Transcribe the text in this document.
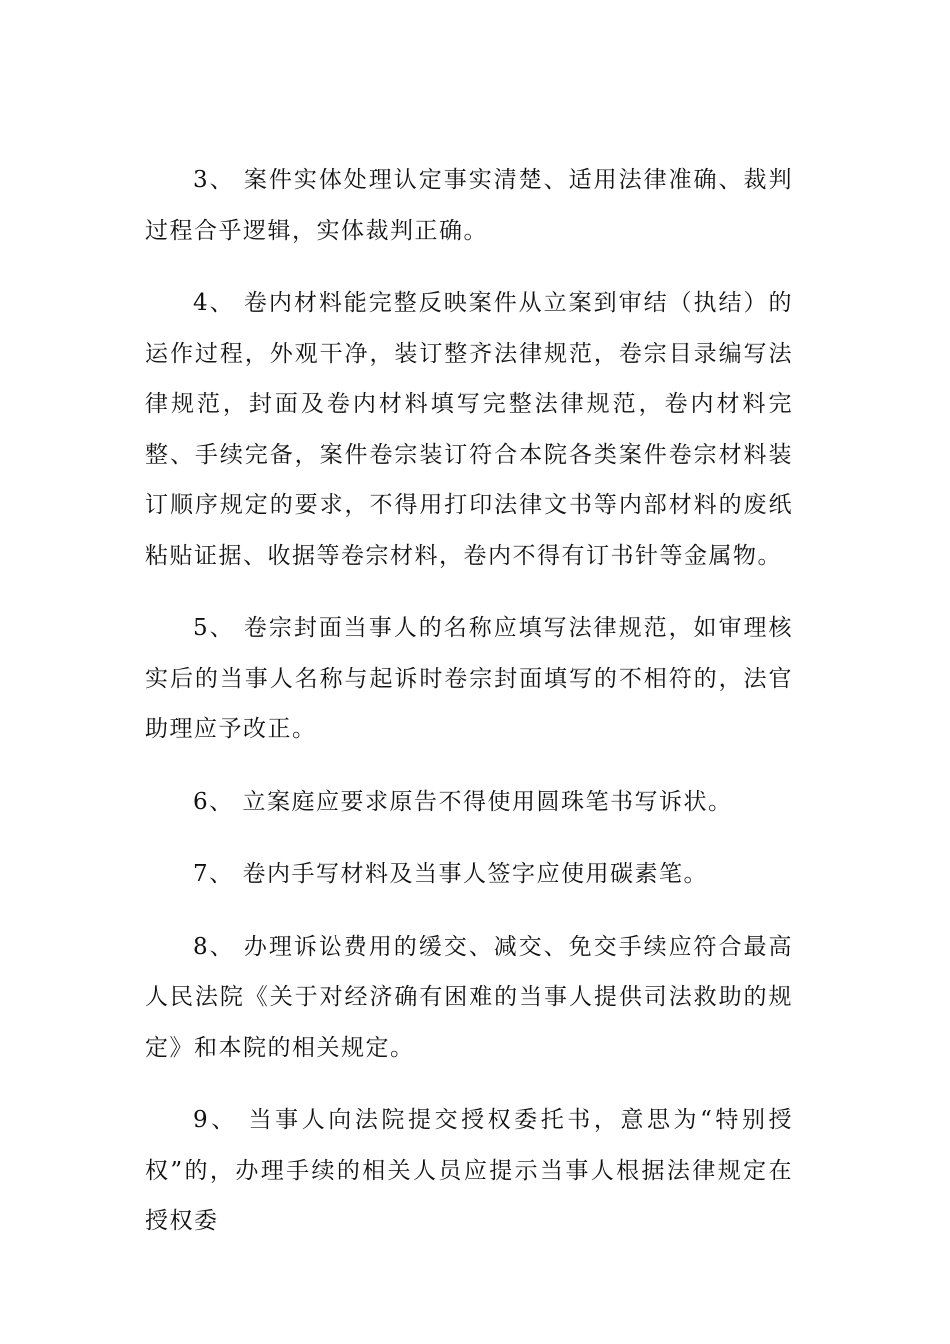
3、 案件实体处理认定事实清楚、适用法律准确、裁判过程合乎逻辑，实体裁判正确。

4、 卷内材料能完整反映案件从立案到审结（执结）的运作过程，外观干净，装订整齐法律规范，卷宗目录编写法律规范，封面及卷内材料填写完整法律规范，卷内材料完整、手续完备，案件卷宗装订符合本院各类案件卷宗材料装订顺序规定的要求，不得用打印法律文书等内部材料的废纸粘贴证据、收据等卷宗材料，卷内不得有订书针等金属物。

5、 卷宗封面当事人的名称应填写法律规范，如审理核实后的当事人名称与起诉时卷宗封面填写的不相符的，法官助理应予改正。

6、 立案庭应要求原告不得使用圆珠笔书写诉状。

7、 卷内手写材料及当事人签字应使用碳素笔。

8、 办理诉讼费用的缓交、减交、免交手续应符合最高人民法院《关于对经济确有困难的当事人提供司法救助的规定》和本院的相关规定。

9、 当事人向法院提交授权委托书，意思为“特别授权”的，办理手续的相关人员应提示当事人根据法律规定在授权委
